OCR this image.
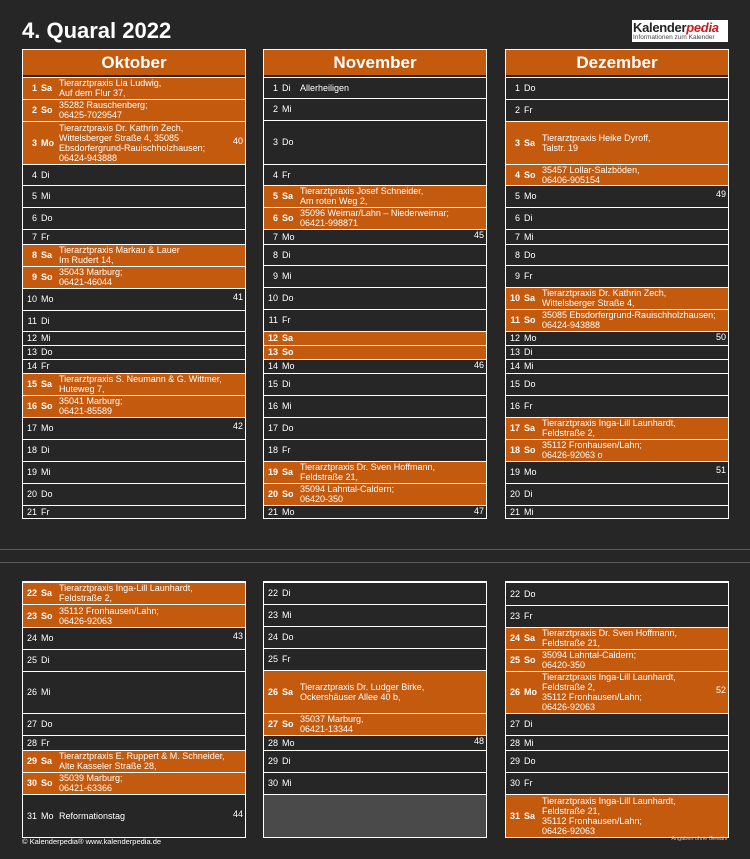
4. Quaral 2022	Kalenderpedia
Informationen zum Kalender
Oktober
1 Sa Tierarztpraxis Lia Ludwig,
Auf dem Flur 37,
2 So 35282 Rauschenberg;
06425-7029547
3 Mo
Tierarztpraxis Dr. Kathrin Zech,
Wittelsberger Straße 4, 35085
Ebsdorfergrund-Rauischholzhausen;
06424-943888
40
4 Di
5 Mi
6 Do
7 Fr
8 Sa Tierarztpraxis Markau & Lauer
Im Rudert 14,
9 So 35043 Marburg;
06421-46044
10 Mo	41
11 Di
12 Mi
13 Do
14 Fr
15 Sa Tierarztpraxis S. Neumann & G. Wittmer,
Huteweg 7,
16 So 35041 Marburg;
06421-85589
17 Mo	42
18 Di
19 Mi
20 Do
21 Fr
November
1 Di Allerheiligen
2 Mi
3 Do
4 Fr
5 Sa Tierarztpraxis Josef Schneider,
Am roten Weg 2,
6 So 35096 Weimar/Lahn – Niederweimar;
06421-998871
7 Mo	45
8 Di
9 Mi
10 Do
11 Fr
12 Sa
13 So
14 Mo	46
15 Di
16 Mi
17 Do
18 Fr
19 Sa Tierarztpraxis Dr. Sven Hoffmann,
Feldstraße 21,
20 So 35094 Lahntal-Caldern;
06420-350
21 Mo	47
Dezember
1 Do
2 Fr
3 Sa Tierarztpraxis Heike Dyroff,
Talstr. 19
4 So 35457 Lollar-Salzböden,
06406-905154
5 Mo	49
6 Di
7 Mi
8 Do
9 Fr
10 Sa Tierarztpraxis Dr. Kathrin Zech,
Wittelsberger Straße 4,
11 So 35085 Ebsdorfergrund-Rauischholzhausen;
06424-943888
12 Mo	50
13 Di
14 Mi
15 Do
16 Fr
17 Sa Tierarztpraxis Inga-Lill Launhardt,
Feldstraße 2,
18 So 35112 Fronhausen/Lahn;
06426-92063 o
19 Mo	51
20 Di
21 Mi
22 Sa Tierarztpraxis Inga-Lill Launhardt,
Feldstraße 2,
23 So 35112 Fronhausen/Lahn;
06426-92063
24 Mo	43
25 Di
26 Mi
27 Do
28 Fr
29 Sa Tierarztpraxis E. Ruppert & M. Schneider,
Alte Kasseler Straße 28,
30 So 35039 Marburg;
06421-63366
31 Mo Reformationstag	44
22 Di
23 Mi
24 Do
25 Fr
26 Sa Tierarztpraxis Dr. Ludger Birke,
Ockershäuser Allee 40 b,
27 So 35037 Marburg,
06421-13344
28 Mo	48
29 Di
30 Mi
22 Do
23 Fr
24 Sa Tierarztpraxis Dr. Sven Hoffmann,
Feldstraße 21,
25 So 35094 Lahntal-Caldern;
06420-350
26 Mo
Tierarztpraxis Inga-Lill Launhardt,
Feldstraße 2,
35112 Fronhausen/Lahn;
06426-92063
52
27 Di
28 Mi
29 Do
30 Fr
31 Sa
Tierarztpraxis Inga-Lill Launhardt,
Feldstraße 21,
35112 Fronhausen/Lahn;
06426-92063
© Kalenderpedia® www.kalenderpedia.de	Angaben ohne Gewähr
